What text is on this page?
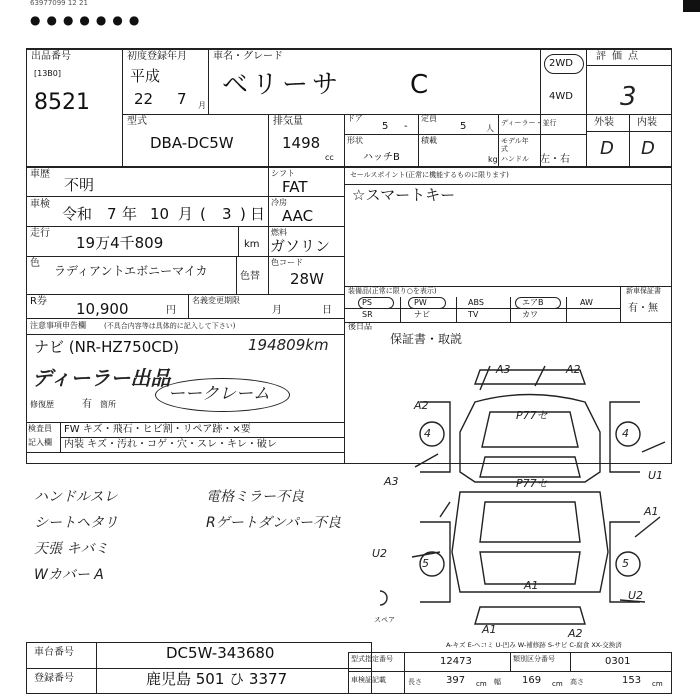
63977099 12 21
●●●●●●●
出品番号
[13B0]
8521
初度登録年月
平成
22 7 月
車名・グレード
ベリーサ	C
2WD
4WD
評価点
3
外装 内装
D D
型式
DBA-DC5W
排気量
1498
cc
ドア
5 -
定員
5 人
ディーラー・並行
モデル年式
ハンドル 左・右
形状
ハッチB
積載
kg
車歴
不明
車検
令和 7 年 10 月 ( 3 ) 日
走行
19万4千809	km
シフト
FAT
冷房
AAC
燃料
ガソリン
色
ラディアントエボニーマイカ	色替
色コード
28W
セールスポイント(正常に機能するものに限ります)
☆スマートキー
R券 10,900	円
名義変更期限
月	日
装備品(正常に限り○を表示)	新車保証書
有・無
注意事項申告欄	(不具合内容等は具体的に記入して下さい)
ナビ (NR-HZ750CD)	194809km
ディーラー出品
修復歴	有 箇所
ーークレーム
後日品
保証書・取説
検査員
記入欄
FW キズ・飛石・ヒビ割・リペア跡・×要
内装 キズ・汚れ・コゲ・穴・スレ・キレ・破レ
スペア
A-キズ E-ヘコミ U-凹み W-補修跡 S-サビ C-腐食 XX-交換済
車台番号	DC5W-343680
登録番号	鹿児島 501 ひ 3377
型式指定番号	12473	類別区分番号	0301
車検証記載	長さ 397 cm 幅 169 cm 高さ	153 cm
PS	PW	ABS	エアB	AW
SR	ナビ	TV	カワ
ハンドルスレ
シートヘタリ
天張 キバミ
Wカバー A
電格ミラー不良
Rゲートダンパー不良
A3	A2
A2
P77セ
4	4
P77セ
U1
A3
A1
U2
5	5
U2
A1
A1	A2
